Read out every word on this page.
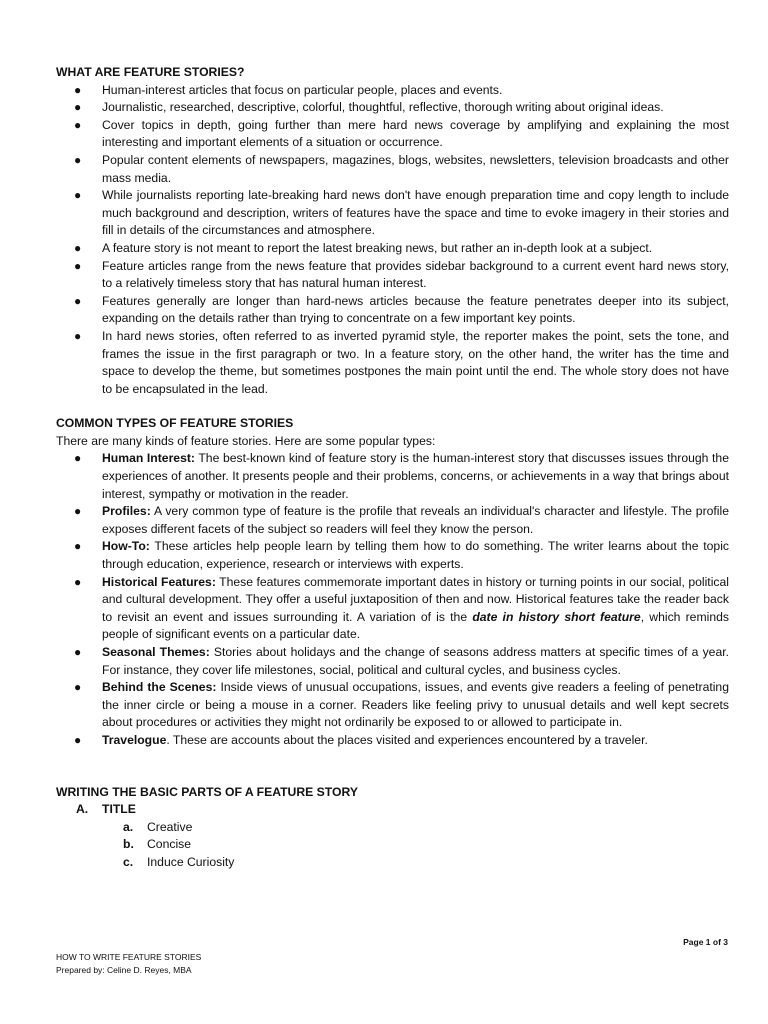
WHAT ARE FEATURE STORIES?

● Human-interest articles that focus on particular people, places and events.
● Journalistic, researched, descriptive, colorful, thoughtful, reflective, thorough writing about original ideas.
● Cover topics in depth, going further than mere hard news coverage by amplifying and explaining the most interesting and important elements of a situation or occurrence.
● Popular content elements of newspapers, magazines, blogs, websites, newsletters, television broadcasts and other mass media.
● While journalists reporting late-breaking hard news don't have enough preparation time and copy length to include much background and description, writers of features have the space and time to evoke imagery in their stories and fill in details of the circumstances and atmosphere.
● A feature story is not meant to report the latest breaking news, but rather an in-depth look at a subject.
● Feature articles range from the news feature that provides sidebar background to a current event hard news story, to a relatively timeless story that has natural human interest.
● Features generally are longer than hard-news articles because the feature penetrates deeper into its subject, expanding on the details rather than trying to concentrate on a few important key points.
● In hard news stories, often referred to as inverted pyramid style, the reporter makes the point, sets the tone, and frames the issue in the first paragraph or two. In a feature story, on the other hand, the writer has the time and space to develop the theme, but sometimes postpones the main point until the end. The whole story does not have to be encapsulated in the lead.

COMMON TYPES OF FEATURE STORIES

There are many kinds of feature stories. Here are some popular types:

● Human Interest: The best-known kind of feature story is the human-interest story that discusses issues through the experiences of another. It presents people and their problems, concerns, or achievements in a way that brings about interest, sympathy or motivation in the reader.
● Profiles: A very common type of feature is the profile that reveals an individual's character and lifestyle. The profile exposes different facets of the subject so readers will feel they know the person.
● How-To: These articles help people learn by telling them how to do something. The writer learns about the topic through education, experience, research or interviews with experts.
● Historical Features: These features commemorate important dates in history or turning points in our social, political and cultural development. They offer a useful juxtaposition of then and now. Historical features take the reader back to revisit an event and issues surrounding it. A variation of is the date in history short feature, which reminds people of significant events on a particular date.
● Seasonal Themes: Stories about holidays and the change of seasons address matters at specific times of a year. For instance, they cover life milestones, social, political and cultural cycles, and business cycles.
● Behind the Scenes: Inside views of unusual occupations, issues, and events give readers a feeling of penetrating the inner circle or being a mouse in a corner. Readers like feeling privy to unusual details and well kept secrets about procedures or activities they might not ordinarily be exposed to or allowed to participate in.
● Travelogue. These are accounts about the places visited and experiences encountered by a traveler.

WRITING THE BASIC PARTS OF A FEATURE STORY

A. TITLE
a. Creative
b. Concise
c. Induce Curiosity
Page 1 of 3
HOW TO WRITE FEATURE STORIES
Prepared by: Celine D. Reyes, MBA
